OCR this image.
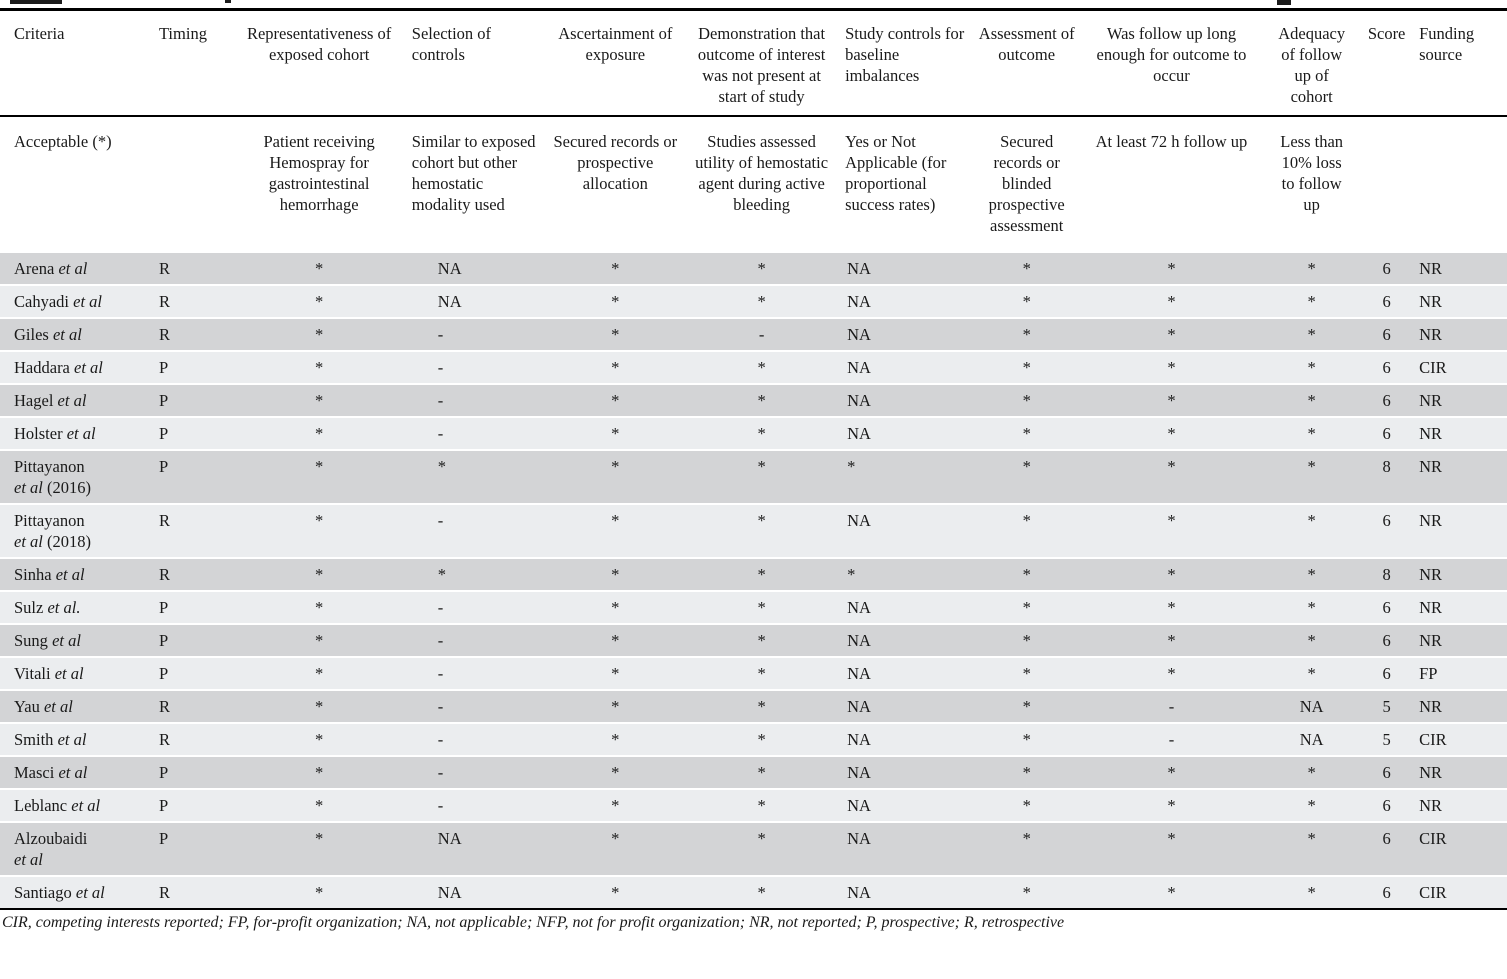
Criteria	Timing	Representativeness of exposed cohort	Selection of controls	Ascertainment of exposure	Demonstration that outcome of interest was not present at start of study	Study controls for baseline imbalances	Assessment of outcome	Was follow up long enough for outcome to occur	Adequacy of follow up of cohort	Score	Funding source
Acceptable (*)		Patient receiving Hemospray for gastrointestinal hemorrhage	Similar to exposed cohort but other hemostatic modality used	Secured records or prospective allocation	Studies assessed utility of hemostatic agent during active bleeding	Yes or Not Applicable (for proportional success rates)	Secured records or blinded prospective assessment	At least 72 h follow up	Less than 10% loss to follow up		
Arena et al	R	*	NA	*	*	NA	*	*	*	6	NR
Cahyadi et al	R	*	NA	*	*	NA	*	*	*	6	NR
Giles et al	R	*	-	*	-	NA	*	*	*	6	NR
Haddara et al	P	*	-	*	*	NA	*	*	*	6	CIR
Hagel et al	P	*	-	*	*	NA	*	*	*	6	NR
Holster et al	P	*	-	*	*	NA	*	*	*	6	NR
Pittayanon
et al (2016)	P	*	*	*	*	*	*	*	*	8	NR
Pittayanon
et al (2018)	R	*	-	*	*	NA	*	*	*	6	NR
Sinha et al	R	*	*	*	*	*	*	*	*	8	NR
Sulz et al.	P	*	-	*	*	NA	*	*	*	6	NR
Sung et al	P	*	-	*	*	NA	*	*	*	6	NR
Vitali et al	P	*	-	*	*	NA	*	*	*	6	FP
Yau et al	R	*	-	*	*	NA	*	-	NA	5	NR
Smith et al	R	*	-	*	*	NA	*	-	NA	5	CIR
Masci et al	P	*	-	*	*	NA	*	*	*	6	NR
Leblanc et al	P	*	-	*	*	NA	*	*	*	6	NR
Alzoubaidi
et al	P	*	NA	*	*	NA	*	*	*	6	CIR
Santiago et al	R	*	NA	*	*	NA	*	*	*	6	CIR
CIR, competing interests reported; FP, for-profit organization; NA, not applicable; NFP, not for profit organization; NR, not reported; P, prospective; R, retrospective
